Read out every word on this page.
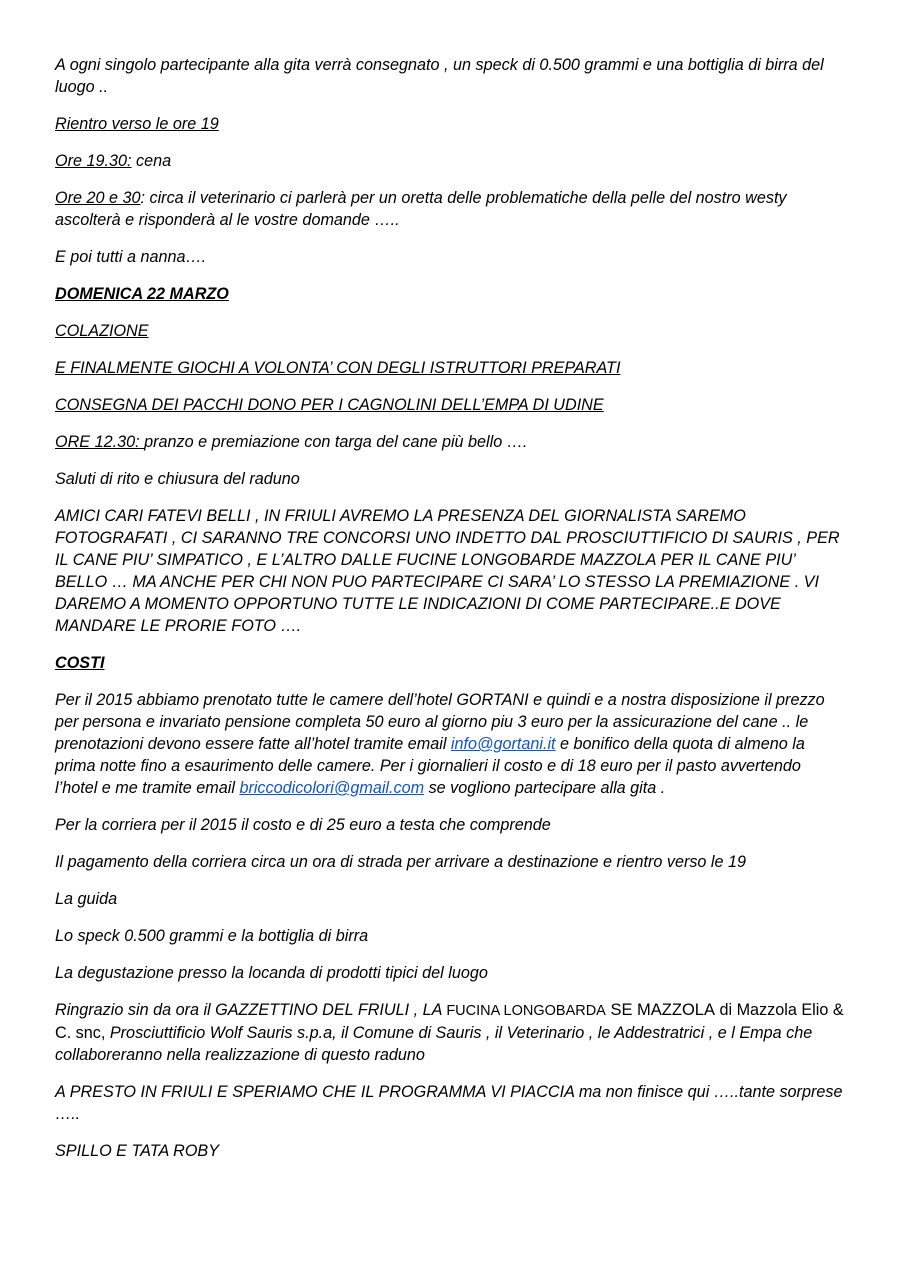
A ogni singolo partecipante alla gita verrà consegnato , un speck di 0.500 grammi e una bottiglia di birra del luogo ..

Rientro verso le ore 19

Ore 19.30: cena

Ore 20 e 30: circa il veterinario ci parlerà per un oretta delle problematiche della pelle del nostro westy ascolterà e risponderà al le vostre domande …..

E poi tutti a nanna….

DOMENICA 22 MARZO

COLAZIONE

E FINALMENTE GIOCHI A VOLONTA’ CON DEGLI ISTRUTTORI PREPARATI

CONSEGNA DEI PACCHI DONO PER I CAGNOLINI DELL’EMPA DI UDINE

ORE 12.30: pranzo e premiazione con targa del cane più bello ….

Saluti di rito e chiusura del raduno

AMICI CARI FATEVI BELLI , IN FRIULI AVREMO LA PRESENZA DEL GIORNALISTA SAREMO FOTOGRAFATI , CI SARANNO TRE CONCORSI UNO INDETTO DAL PROSCIUTTIFICIO DI SAURIS , PER IL CANE PIU’ SIMPATICO , E L’ALTRO DALLE FUCINE LONGOBARDE MAZZOLA PER IL CANE PIU’ BELLO … MA ANCHE PER CHI NON PUO PARTECIPARE CI SARA’ LO STESSO LA PREMIAZIONE . VI DAREMO A MOMENTO OPPORTUNO TUTTE LE INDICAZIONI DI COME PARTECIPARE..E DOVE MANDARE LE PRORIE FOTO ….

COSTI

Per il 2015 abbiamo prenotato tutte le camere dell’hotel GORTANI e quindi e a nostra disposizione il prezzo per persona e invariato pensione completa 50 euro al giorno piu 3 euro per la assicurazione del cane .. le prenotazioni devono essere fatte all’hotel tramite email info@gortani.it e bonifico della quota di almeno la prima notte fino a esaurimento delle camere. Per i giornalieri il costo e di 18 euro per il pasto avvertendo l’hotel e me tramite email briccodicolori@gmail.com se vogliono partecipare alla gita .

Per la corriera per il 2015 il costo e di 25 euro a testa che comprende

Il pagamento della corriera circa un ora di strada per arrivare a destinazione e rientro verso le 19

La guida

Lo speck 0.500 grammi e la bottiglia di birra

La degustazione presso la locanda di prodotti tipici del luogo

Ringrazio sin da ora il GAZZETTINO DEL FRIULI , LA FUCINA LONGOBARDA SE MAZZOLA di Mazzola Elio & C. snc, Prosciuttificio Wolf Sauris s.p.a, il Comune di Sauris , il Veterinario , le Addestratrici , e l Empa che collaboreranno nella realizzazione di questo raduno

A PRESTO IN FRIULI E SPERIAMO CHE IL PROGRAMMA VI PIACCIA ma non finisce qui …..tante sorprese …..

SPILLO E TATA ROBY
